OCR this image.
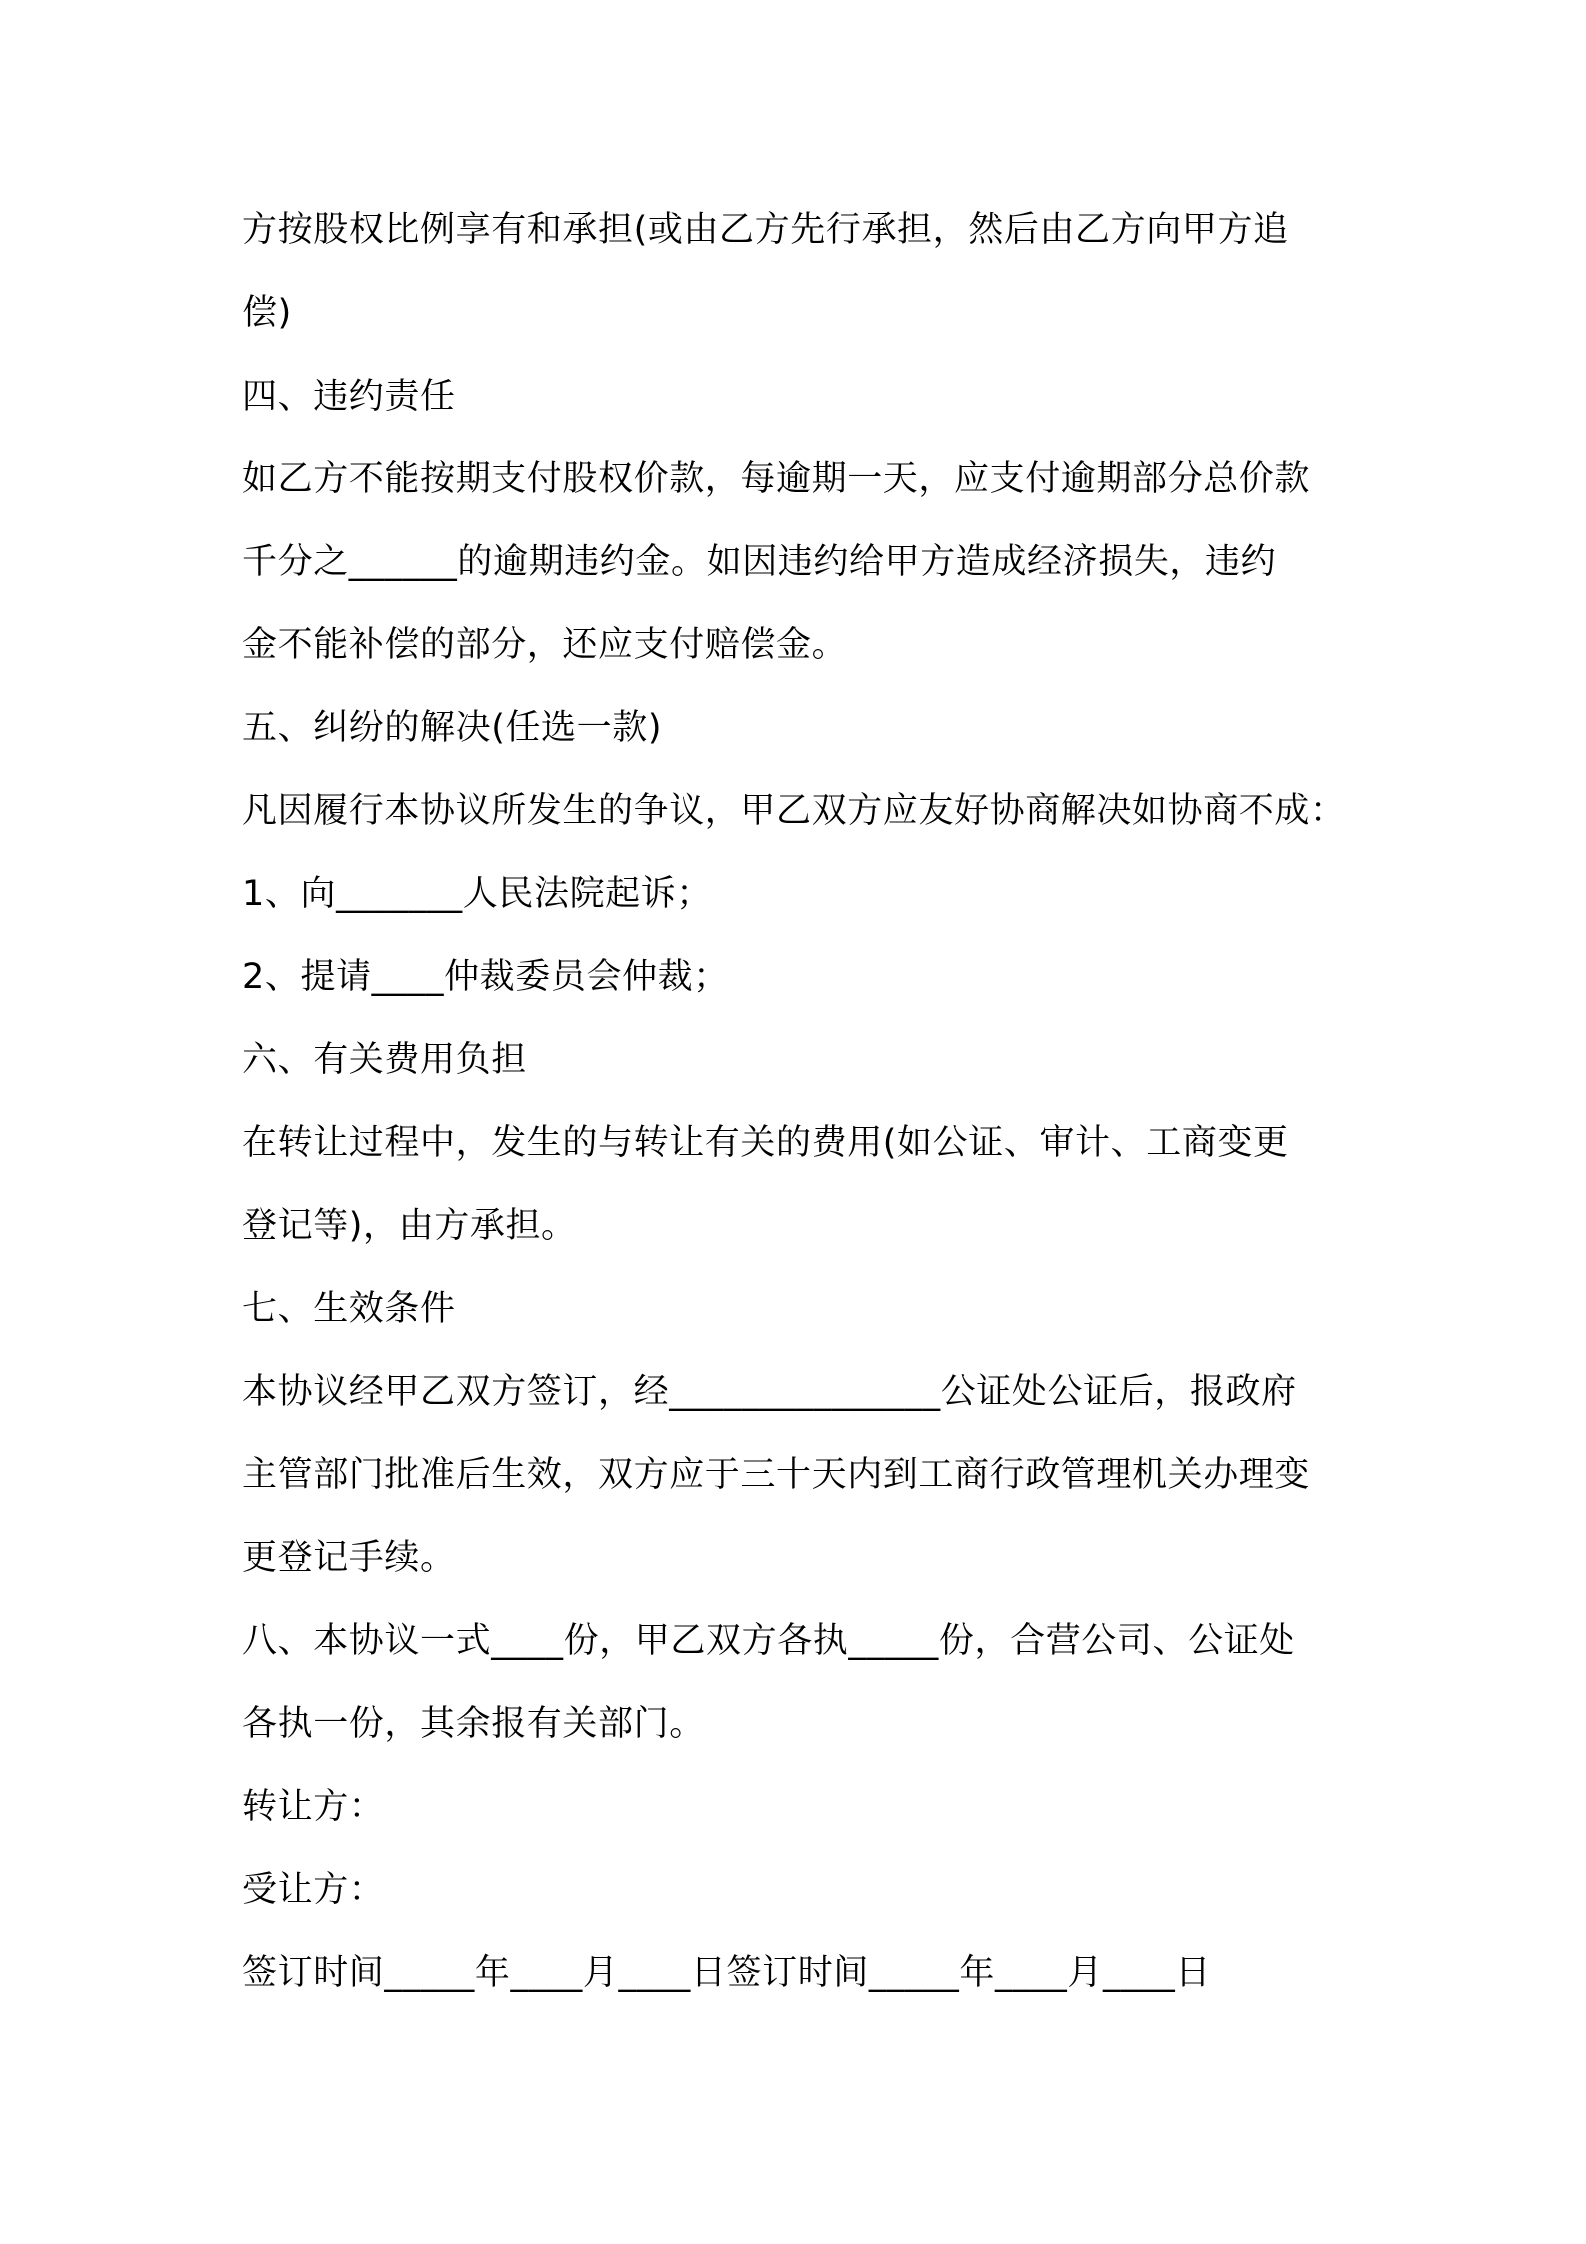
方按股权比例享有和承担(或由乙方先行承担，然后由乙方向甲方追

偿)

四、违约责任

如乙方不能按期支付股权价款，每逾期一天，应支付逾期部分总价款

千分之______的逾期违约金。如因违约给甲方造成经济损失，违约

金不能补偿的部分，还应支付赔偿金。

五、纠纷的解决(任选一款)

凡因履行本协议所发生的争议，甲乙双方应友好协商解决如协商不成：

1、向_______人民法院起诉；

2、提请____仲裁委员会仲裁；

六、有关费用负担

在转让过程中，发生的与转让有关的费用(如公证、审计、工商变更

登记等)，由方承担。

七、生效条件

本协议经甲乙双方签订，经_______________公证处公证后，报政府

主管部门批准后生效，双方应于三十天内到工商行政管理机关办理变

更登记手续。

八、本协议一式____份，甲乙双方各执_____份，合营公司、公证处

各执一份，其余报有关部门。

转让方：

受让方：

签订时间_____年____月____日签订时间_____年____月____日
